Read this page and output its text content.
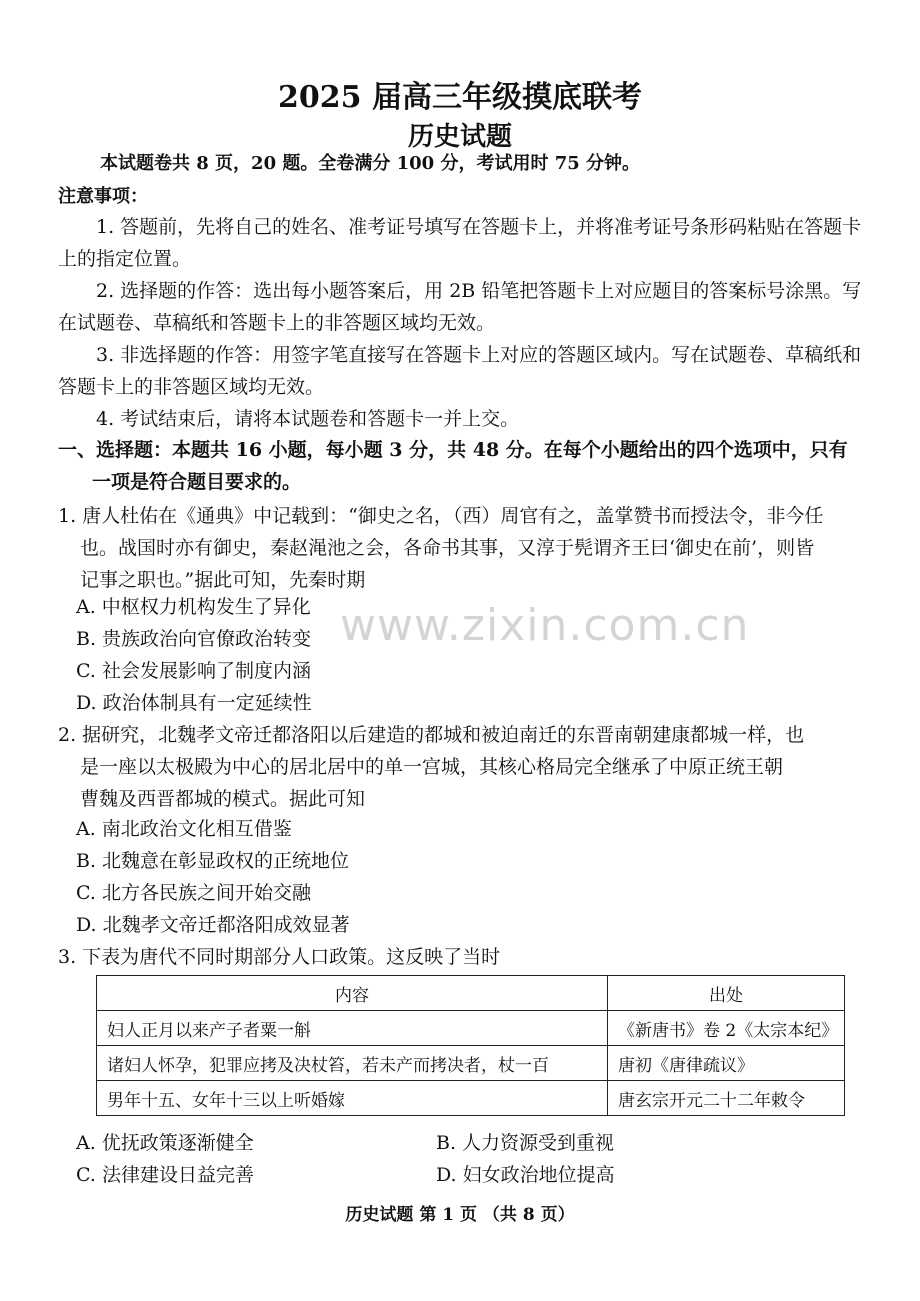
2025 届高三年级摸底联考
历史试题
本试题卷共 8 页，20 题。全卷满分 100 分，考试用时 75 分钟。
注意事项：
1. 答题前，先将自己的姓名、准考证号填写在答题卡上，并将准考证号条形码粘贴在答题卡上的指定位置。
2. 选择题的作答：选出每小题答案后，用 2B 铅笔把答题卡上对应题目的答案标号涂黑。写在试题卷、草稿纸和答题卡上的非答题区域均无效。
3. 非选择题的作答：用签字笔直接写在答题卡上对应的答题区域内。写在试题卷、草稿纸和答题卡上的非答题区域均无效。
4. 考试结束后，请将本试题卷和答题卡一并上交。
一、选择题：本题共 16 小题，每小题 3 分，共 48 分。在每个小题给出的四个选项中，只有
一项是符合题目要求的。
1. 唐人杜佑在《通典》中记载到：“御史之名，（西）周官有之，盖掌赞书而授法令，非今任
也。战国时亦有御史，秦赵渑池之会，各命书其事，又淳于髡谓齐王曰‘御史在前’，则皆
记事之职也。”据此可知，先秦时期
A. 中枢权力机构发生了异化
B. 贵族政治向官僚政治转变
C. 社会发展影响了制度内涵
D. 政治体制具有一定延续性
2. 据研究，北魏孝文帝迁都洛阳以后建造的都城和被迫南迁的东晋南朝建康都城一样，也
是一座以太极殿为中心的居北居中的单一宫城，其核心格局完全继承了中原正统王朝
曹魏及西晋都城的模式。据此可知
A. 南北政治文化相互借鉴
B. 北魏意在彰显政权的正统地位
C. 北方各民族之间开始交融
D. 北魏孝文帝迁都洛阳成效显著
www.zixin.com.cn
3. 下表为唐代不同时期部分人口政策。这反映了当时
内容	出处
妇人正月以来产子者粟一斛	《新唐书》卷 2《太宗本纪》
诸妇人怀孕，犯罪应拷及决杖笞，若未产而拷决者，杖一百	唐初《唐律疏议》
男年十五、女年十三以上听婚嫁	唐玄宗开元二十二年敕令
A. 优抚政策逐渐健全	B. 人力资源受到重视
C. 法律建设日益完善	D. 妇女政治地位提高
历史试题 第 1 页 （共 8 页）
